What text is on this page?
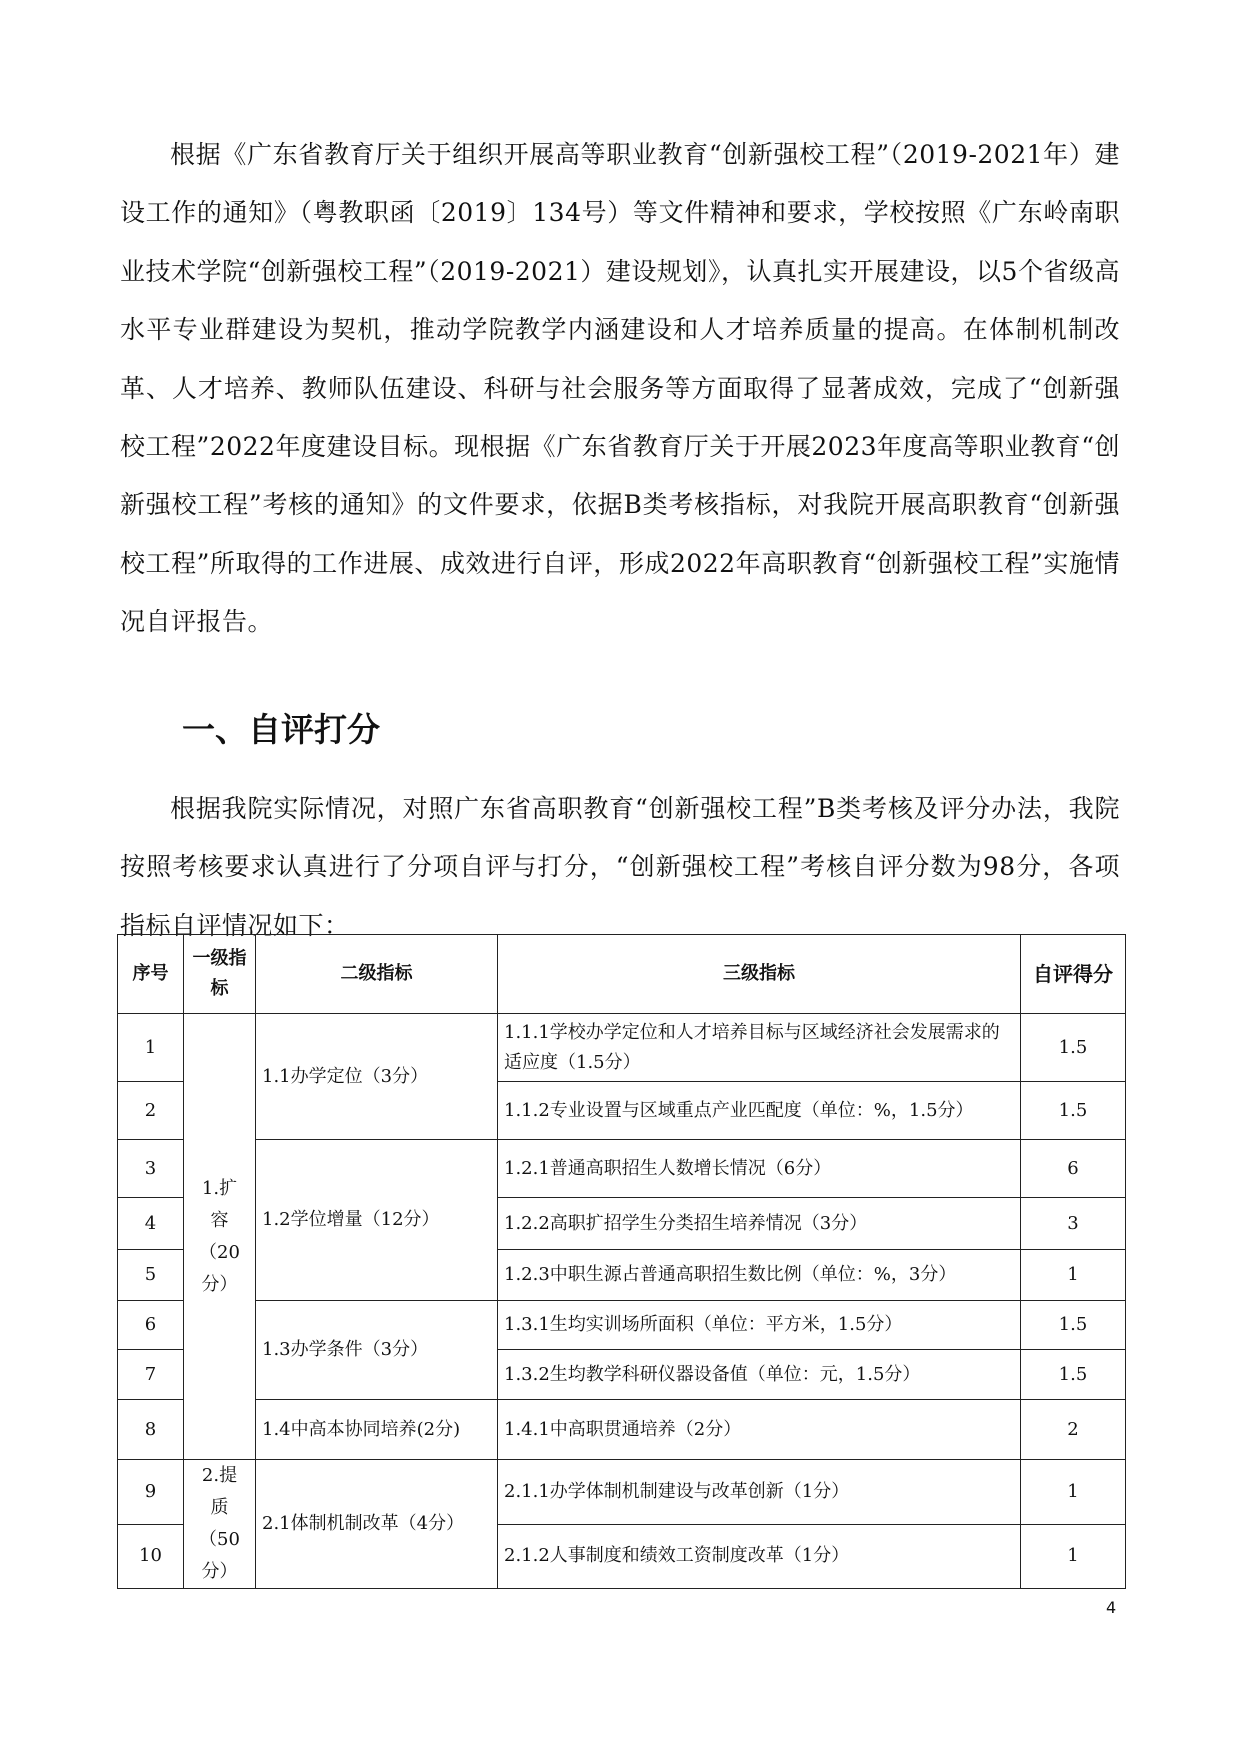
根据《广东省教育厅关于组织开展高等职业教育“创新强校工程”（2019-2021年）建设工作的通知》（粤教职函〔2019〕134号）等文件精神和要求，学校按照《广东岭南职业技术学院“创新强校工程”（2019-2021）建设规划》，认真扎实开展建设，以5个省级高水平专业群建设为契机，推动学院教学内涵建设和人才培养质量的提高。在体制机制改革、人才培养、教师队伍建设、科研与社会服务等方面取得了显著成效，完成了“创新强校工程”2022年度建设目标。现根据《广东省教育厅关于开展2023年度高等职业教育“创新强校工程”考核的通知》的文件要求，依据B类考核指标，对我院开展高职教育“创新强校工程”所取得的工作进展、成效进行自评，形成2022年高职教育“创新强校工程”实施情况自评报告。

一、自评打分

根据我院实际情况，对照广东省高职教育“创新强校工程”B类考核及评分办法，我院按照考核要求认真进行了分项自评与打分，“创新强校工程”考核自评分数为98分，各项指标自评情况如下：

序号	一级指标	二级指标	三级指标	自评得分
1	1.扩容（20分）	1.1办学定位（3分）	1.1.1学校办学定位和人才培养目标与区域经济社会发展需求的适应度（1.5分）	1.5
2			1.1.2专业设置与区域重点产业匹配度（单位：%，1.5分）	1.5
3		1.2学位增量（12分）	1.2.1普通高职招生人数增长情况（6分）	6
4			1.2.2高职扩招学生分类招生培养情况（3分）	3
5			1.2.3中职生源占普通高职招生数比例（单位：%，3分）	1
6		1.3办学条件（3分）	1.3.1生均实训场所面积（单位：平方米，1.5分）	1.5
7			1.3.2生均教学科研仪器设备值（单位：元，1.5分）	1.5
8		1.4中高本协同培养(2分)	1.4.1中高职贯通培养（2分）	2
9	2.提质（50分）	2.1体制机制改革（4分）	2.1.1办学体制机制建设与改革创新（1分）	1
10			2.1.2人事制度和绩效工资制度改革（1分）	1
4
